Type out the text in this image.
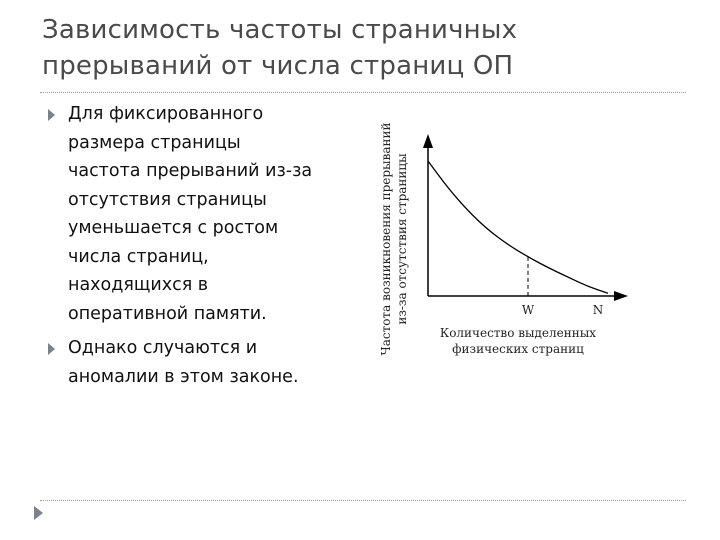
Зависимость частоты страничных
прерываний от числа страниц ОП
Для фиксированного
размера страницы
частота прерываний из-за
отсутствия страницы
уменьшается с ростом
числа страниц,
находящихся в
оперативной памяти.
Однако случаются и
аномалии в этом законе.
Частота возникновения прерываний из-за отсутствия страницы	W	N
Количество выделенных
физических страниц
